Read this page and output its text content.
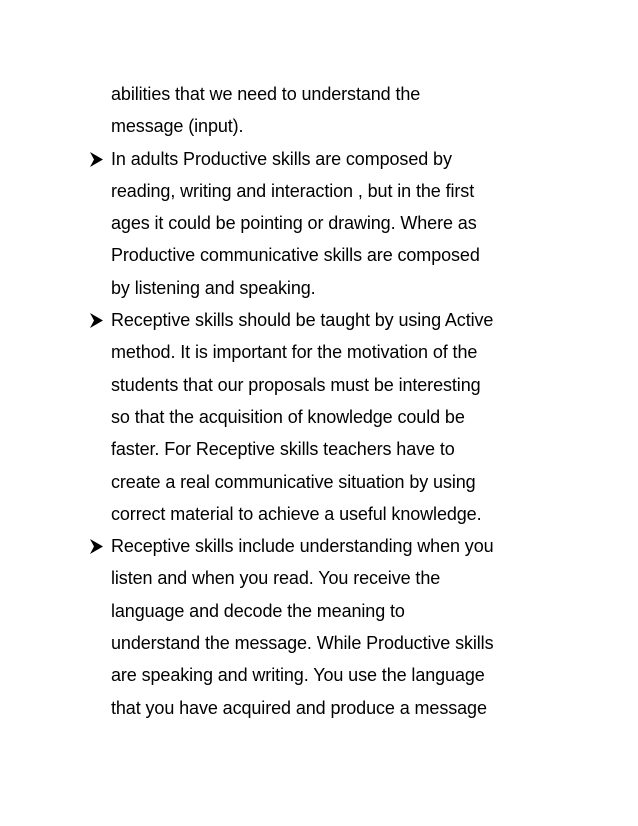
abilities that we need to understand the
message (input).
In adults Productive skills are composed by
reading, writing and interaction , but in the first
ages it could be pointing or drawing. Where as
Productive communicative skills are composed
by listening and speaking.
Receptive skills should be taught by using Active
method. It is important for the motivation of the
students that our proposals must be interesting
so that the acquisition of knowledge could be
faster. For Receptive skills teachers have to
create a real communicative situation by using
correct material to achieve a useful knowledge.
Receptive skills include understanding when you
listen and when you read. You receive the
language and decode the meaning to
understand the message. While Productive skills
are speaking and writing. You use the language
that you have acquired and produce a message
